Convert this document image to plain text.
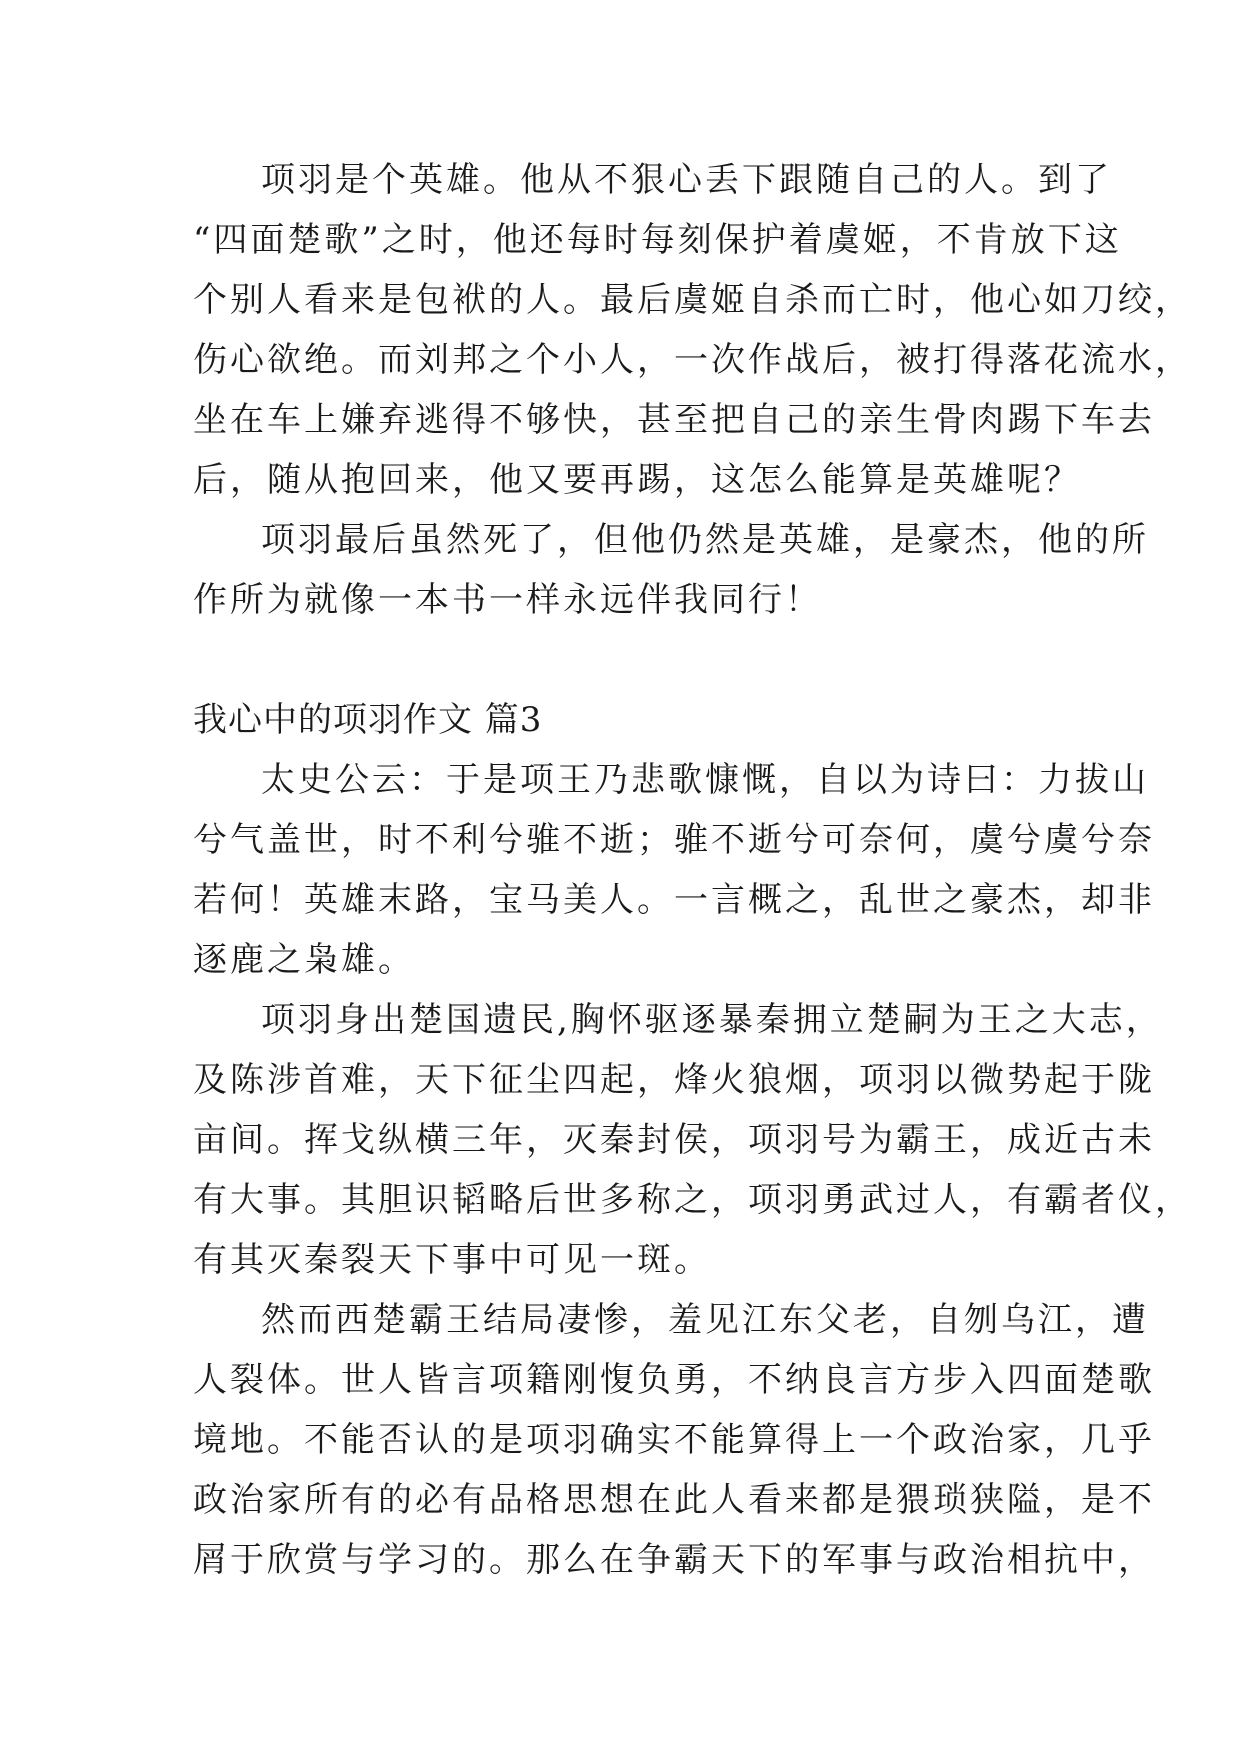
项羽是个英雄。他从不狠心丢下跟随自己的人。到了
“四面楚歌”之时，他还每时每刻保护着虞姬，不肯放下这
个别人看来是包袱的人。最后虞姬自杀而亡时，他心如刀绞，
伤心欲绝。而刘邦之个小人，一次作战后，被打得落花流水，
坐在车上嫌弃逃得不够快，甚至把自己的亲生骨肉踢下车去
后，随从抱回来，他又要再踢，这怎么能算是英雄呢？
项羽最后虽然死了，但他仍然是英雄，是豪杰，他的所
作所为就像一本书一样永远伴我同行！
我心中的项羽作文 篇3
太史公云：于是项王乃悲歌慷慨，自以为诗曰：力拔山
兮气盖世，时不利兮骓不逝；骓不逝兮可奈何，虞兮虞兮奈
若何！英雄末路，宝马美人。一言概之，乱世之豪杰，却非
逐鹿之枭雄。
项羽身出楚国遗民,胸怀驱逐暴秦拥立楚嗣为王之大志，
及陈涉首难，天下征尘四起，烽火狼烟，项羽以微势起于陇
亩间。挥戈纵横三年，灭秦封侯，项羽号为霸王，成近古未
有大事。其胆识韬略后世多称之，项羽勇武过人，有霸者仪，
有其灭秦裂天下事中可见一斑。
然而西楚霸王结局凄惨，羞见江东父老，自刎乌江，遭
人裂体。世人皆言项籍刚愎负勇，不纳良言方步入四面楚歌
境地。不能否认的是项羽确实不能算得上一个政治家，几乎
政治家所有的必有品格思想在此人看来都是猥琐狭隘，是不
屑于欣赏与学习的。那么在争霸天下的军事与政治相抗中，
